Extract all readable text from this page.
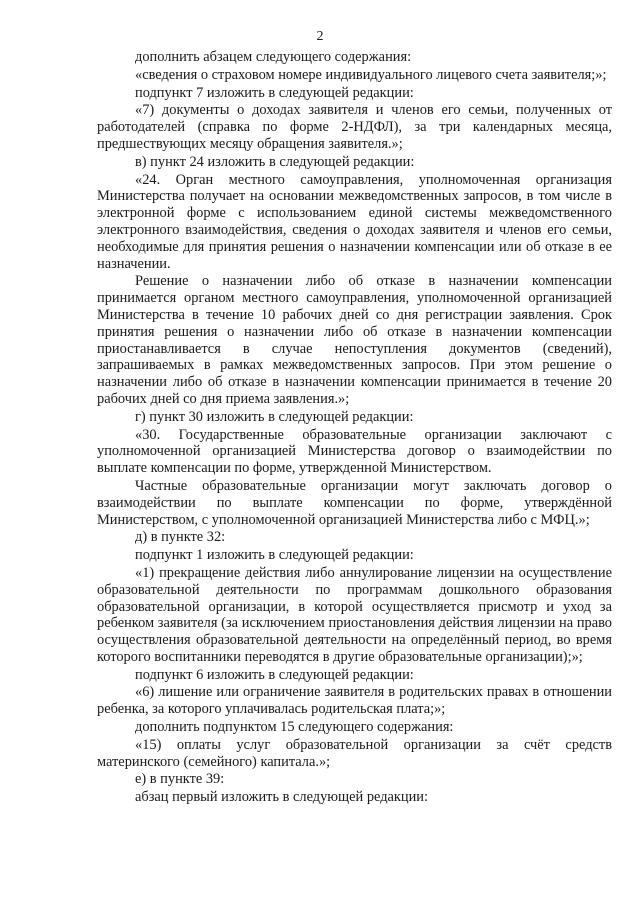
2

дополнить абзацем следующего содержания:

«сведения о страховом номере индивидуального лицевого счета заявителя;»;

подпункт 7 изложить в следующей редакции:

«7) документы о доходах заявителя и членов его семьи, полученных от работодателей (справка по форме 2-НДФЛ), за три календарных месяца, предшествующих месяцу обращения заявителя.»;

в) пункт 24 изложить в следующей редакции:

«24. Орган местного самоуправления, уполномоченная организация Министерства получает на основании межведомственных запросов, в том числе в электронной форме с использованием единой системы межведомственного электронного взаимодействия, сведения о доходах заявителя и членов его семьи, необходимые для принятия решения о назначении компенсации или об отказе в ее назначении.

Решение о назначении либо об отказе в назначении компенсации принимается органом местного самоуправления, уполномоченной организацией Министерства в течение 10 рабочих дней со дня регистрации заявления. Срок принятия решения о назначении либо об отказе в назначении компенсации приостанавливается в случае непоступления документов (сведений), запрашиваемых в рамках межведомственных запросов. При этом решение о назначении либо об отказе в назначении компенсации принимается в течение 20 рабочих дней со дня приема заявления.»;

г) пункт 30 изложить в следующей редакции:

«30. Государственные образовательные организации заключают с уполномоченной организацией Министерства договор о взаимодействии по выплате компенсации по форме, утвержденной Министерством.

Частные образовательные организации могут заключать договор о взаимодействии по выплате компенсации по форме, утверждённой Министерством, с уполномоченной организацией Министерства либо с МФЦ.»;

д) в пункте 32:

подпункт 1 изложить в следующей редакции:

«1) прекращение действия либо аннулирование лицензии на осуществление образовательной деятельности по программам дошкольного образования образовательной организации, в которой осуществляется присмотр и уход за ребенком заявителя (за исключением приостановления действия лицензии на право осуществления образовательной деятельности на определённый период, во время которого воспитанники переводятся в другие образовательные организации);»;

подпункт 6 изложить в следующей редакции:

«6) лишение или ограничение заявителя в родительских правах в отношении ребенка, за которого уплачивалась родительская плата;»;

дополнить подпунктом 15 следующего содержания:

«15) оплаты услуг образовательной организации за счёт средств материнского (семейного) капитала.»;

е) в пункте 39:

абзац первый изложить в следующей редакции:
